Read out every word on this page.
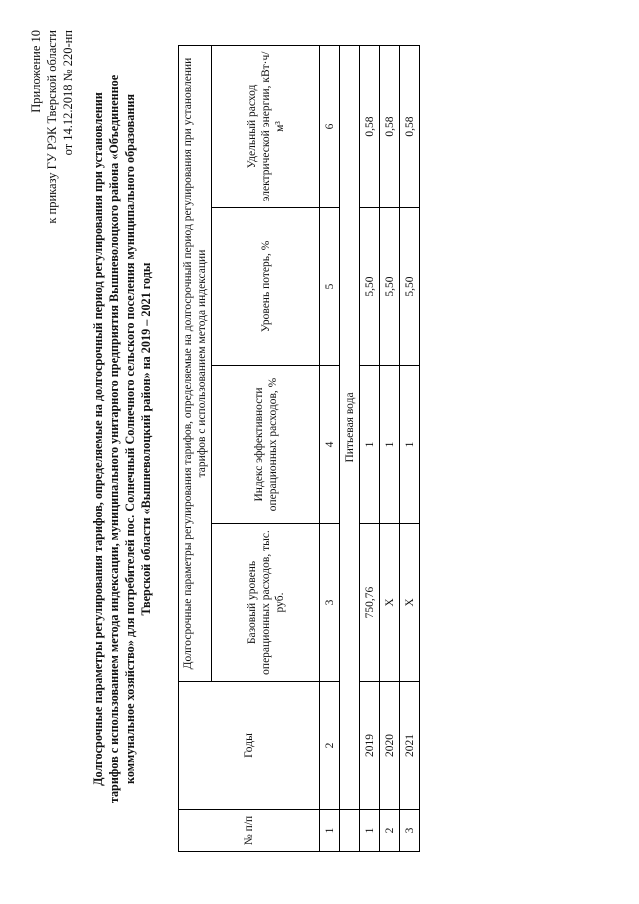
Приложение 10 к приказу ГУ РЭК Тверской области от 14.12.2018 № 220-нп Долгосрочные параметры регулирования тарифов, определяемые на долгосрочный период регулирования при установлении тарифов с использованием метода индексации, муниципального унитарного предприятия Вышневолоцкого района «Объединенное коммунальное хозяйство» для потребителей пос. Солнечный Солнечного сельского поселения муниципального образования Тверской области «Вышневолоцкий район» на 2019 – 2021 годы
№ п/п	Годы	Долгосрочные параметры регулирования тарифов, определяемые на долгосрочный период регулирования при установлении тарифов с использованием метода индексации			
		Базовый уровень операционных расходов, тыс. руб.	Индекс эффективности операционных расходов, %	Уровень потерь, %	Удельный расход электрической энергии, кВт·ч/м³
1	2	3	4	5	6
	Питьевая вода				
1	2019	750,76	1	5,50	0,58
2	2020	Х	1	5,50	0,58
3	2021	Х	1	5,50	0,58
